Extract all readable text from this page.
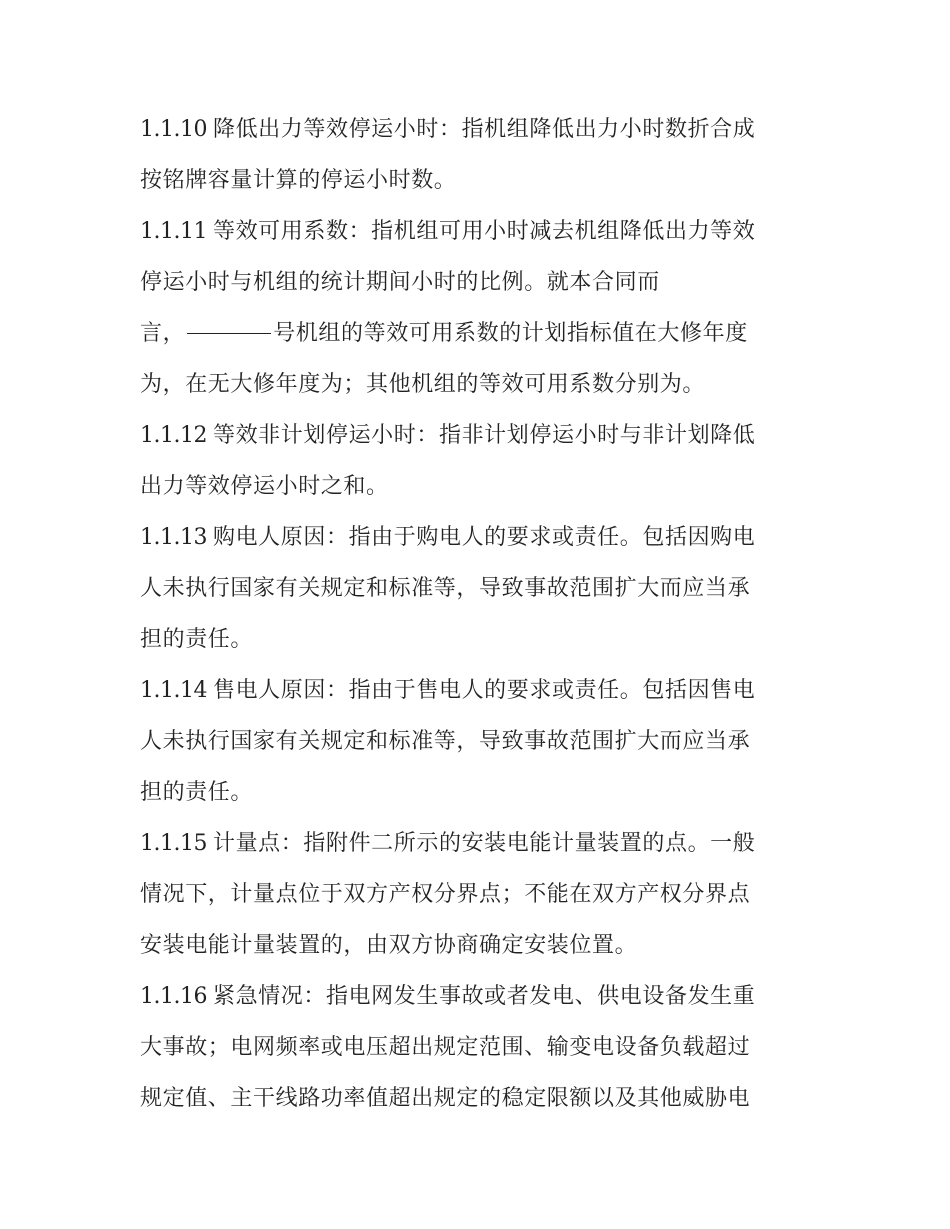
1.1.10 降低出力等效停运小时：指机组降低出力小时数折合成
按铭牌容量计算的停运小时数。
1.1.11 等效可用系数：指机组可用小时减去机组降低出力等效
停运小时与机组的统计期间小时的比例。就本合同而
言，	号机组的等效可用系数的计划指标值在大修年度
为，在无大修年度为；其他机组的等效可用系数分别为。
1.1.12 等效非计划停运小时：指非计划停运小时与非计划降低
出力等效停运小时之和。
1.1.13 购电人原因：指由于购电人的要求或责任。包括因购电
人未执行国家有关规定和标准等，导致事故范围扩大而应当承
担的责任。
1.1.14 售电人原因：指由于售电人的要求或责任。包括因售电
人未执行国家有关规定和标准等，导致事故范围扩大而应当承
担的责任。
1.1.15 计量点：指附件二所示的安装电能计量装置的点。一般
情况下，计量点位于双方产权分界点；不能在双方产权分界点
安装电能计量装置的，由双方协商确定安装位置。
1.1.16 紧急情况：指电网发生事故或者发电、供电设备发生重
大事故；电网频率或电压超出规定范围、输变电设备负载超过
规定值、主干线路功率值超出规定的稳定限额以及其他威胁电
